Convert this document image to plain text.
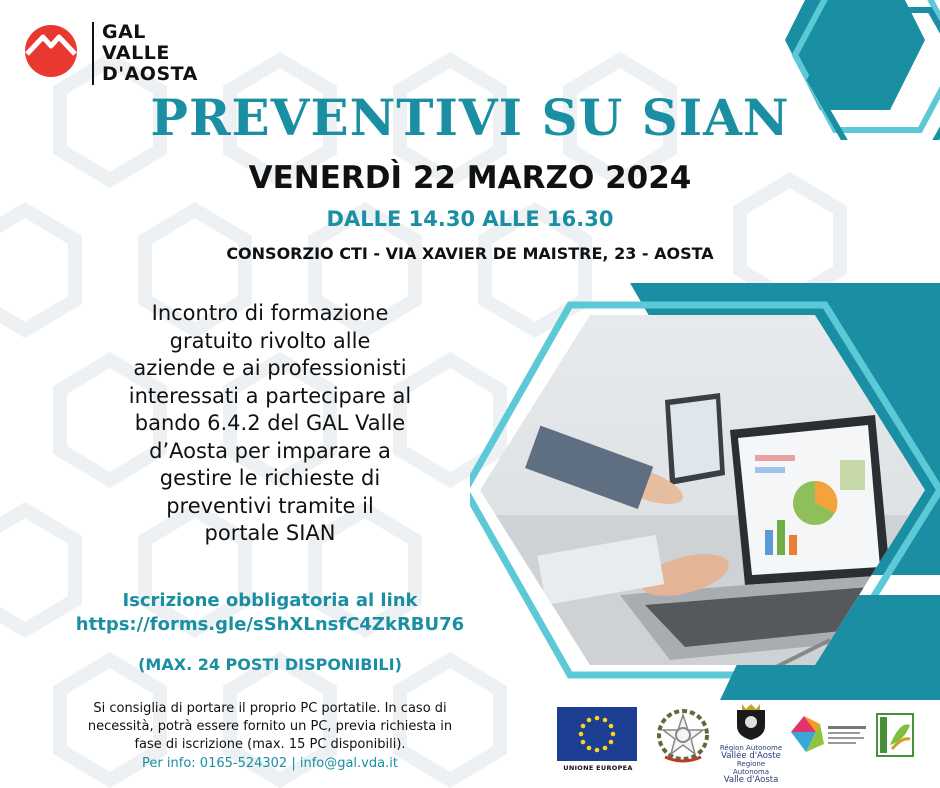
GAL
VALLE
D'AOSTA
PREVENTIVI SU SIAN
VENERDÌ 22 MARZO 2024
DALLE 14.30 ALLE 16.30
CONSORZIO CTI - VIA XAVIER DE MAISTRE, 23 - AOSTA
Incontro di formazione
gratuito rivolto alle
aziende e ai professionisti
interessati a partecipare al
bando 6.4.2 del GAL Valle
d’Aosta per imparare a
gestire le richieste di
preventivi tramite il
portale SIAN
Iscrizione obbligatoria al link
https://forms.gle/sShXLnsfC4ZkRBU76
(MAX. 24 POSTI DISPONIBILI)
Si consiglia di portare il proprio PC portatile. In caso di
necessità, potrà essere fornito un PC, previa richiesta in
fase di iscrizione (max. 15 PC disponibili).
Per info: 0165-524302 | info@gal.vda.it	UNIONE EUROPEA
Région Autonome
Vallée d'Aoste
Regione Autonoma
Valle d'Aosta
